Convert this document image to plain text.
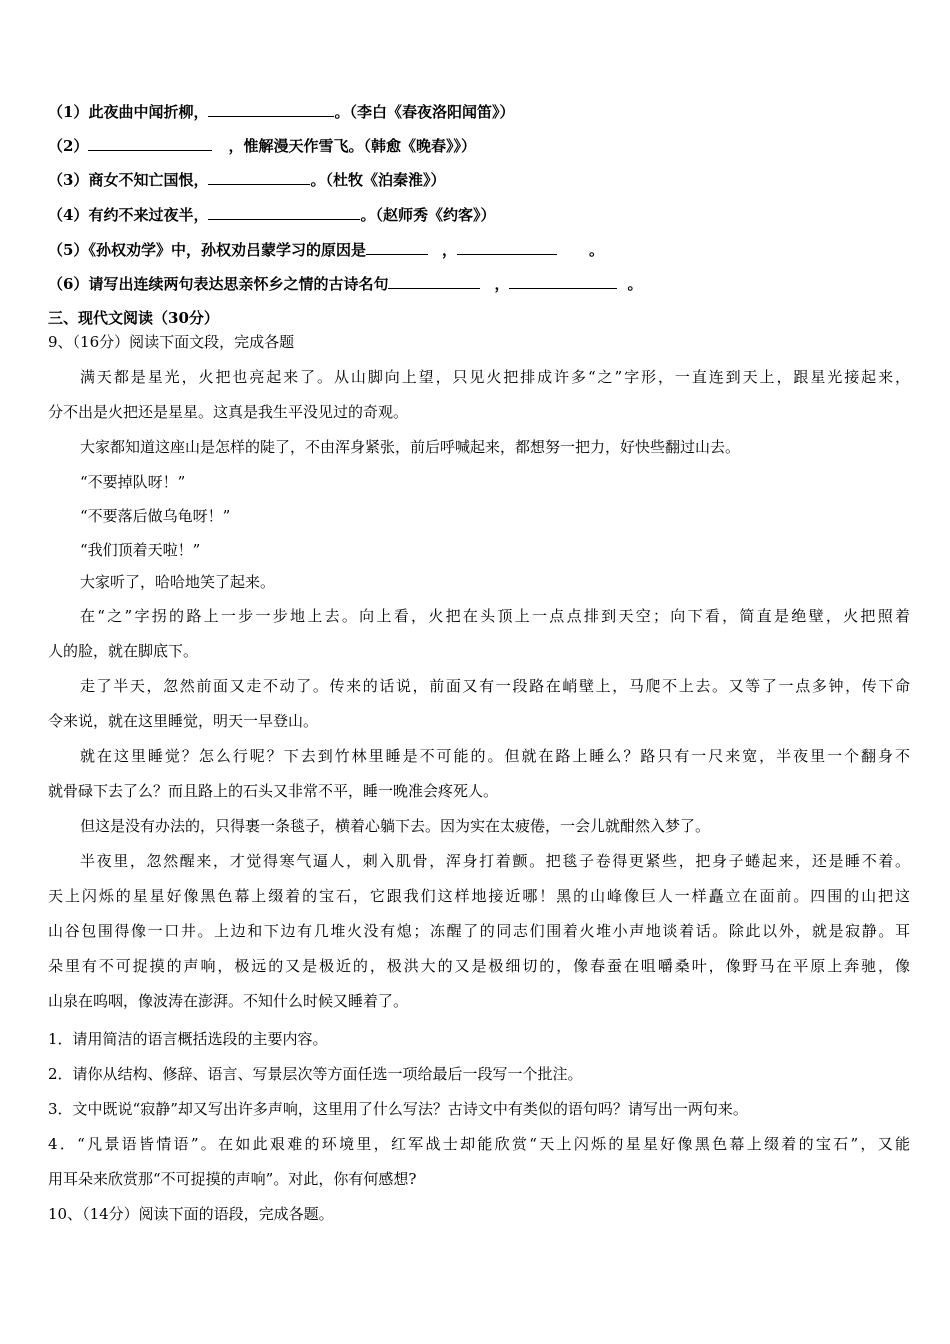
（1）此夜曲中闻折柳，	。（李白《春夜洛阳闻笛》）
（2）	，惟解漫天作雪飞。（韩愈《晚春》》）
（3）商女不知亡国恨，	。（杜牧《泊秦淮》）
（4）有约不来过夜半，	。（赵师秀《约客》）
（5）《孙权劝学》中，孙权劝吕蒙学习的原因是	，	。
（6）请写出连续两句表达思亲怀乡之情的古诗名句	，	。
三、现代文阅读（30分）
9、（16分）阅读下面文段，完成各题
满天都是星光，火把也亮起来了。从山脚向上望，只见火把排成许多“之”字形，一直连到天上，跟星光接起来，
分不出是火把还是星星。这真是我生平没见过的奇观。
大家都知道这座山是怎样的陡了，不由浑身紧张，前后呼喊起来，都想努一把力，好快些翻过山去。
“不要掉队呀！”
“不要落后做乌龟呀！”
“我们顶着天啦！”
大家听了，哈哈地笑了起来。
在“之”字拐的路上一步一步地上去。向上看，火把在头顶上一点点排到天空；向下看，简直是绝壁，火把照着
人的脸，就在脚底下。
走了半天，忽然前面又走不动了。传来的话说，前面又有一段路在峭壁上，马爬不上去。又等了一点多钟，传下命
令来说，就在这里睡觉，明天一早登山。
就在这里睡觉？怎么行呢？下去到竹林里睡是不可能的。但就在路上睡么？路只有一尺来宽，半夜里一个翻身不
就骨碌下去了么？而且路上的石头又非常不平，睡一晚准会疼死人。
但这是没有办法的，只得裹一条毯子，横着心躺下去。因为实在太疲倦，一会儿就酣然入梦了。
半夜里，忽然醒来，才觉得寒气逼人，刺入肌骨，浑身打着颤。把毯子卷得更紧些，把身子蜷起来，还是睡不着。
天上闪烁的星星好像黑色幕上缀着的宝石，它跟我们这样地接近哪！黑的山峰像巨人一样矗立在面前。四围的山把这
山谷包围得像一口井。上边和下边有几堆火没有熄；冻醒了的同志们围着火堆小声地谈着话。除此以外，就是寂静。耳
朵里有不可捉摸的声响，极远的又是极近的，极洪大的又是极细切的，像春蚕在咀嚼桑叶，像野马在平原上奔驰，像
山泉在呜咽，像波涛在澎湃。不知什么时候又睡着了。
1．请用简洁的语言概括选段的主要内容。
2．请你从结构、修辞、语言、写景层次等方面任选一项给最后一段写一个批注。
3．文中既说“寂静”却又写出许多声响，这里用了什么写法？古诗文中有类似的语句吗？请写出一两句来。
4．“凡景语皆情语”。在如此艰难的环境里，红军战士却能欣赏“天上闪烁的星星好像黑色幕上缀着的宝石”，又能
用耳朵来欣赏那“不可捉摸的声响”。对此，你有何感想?
10、（14分）阅读下面的语段，完成各题。
